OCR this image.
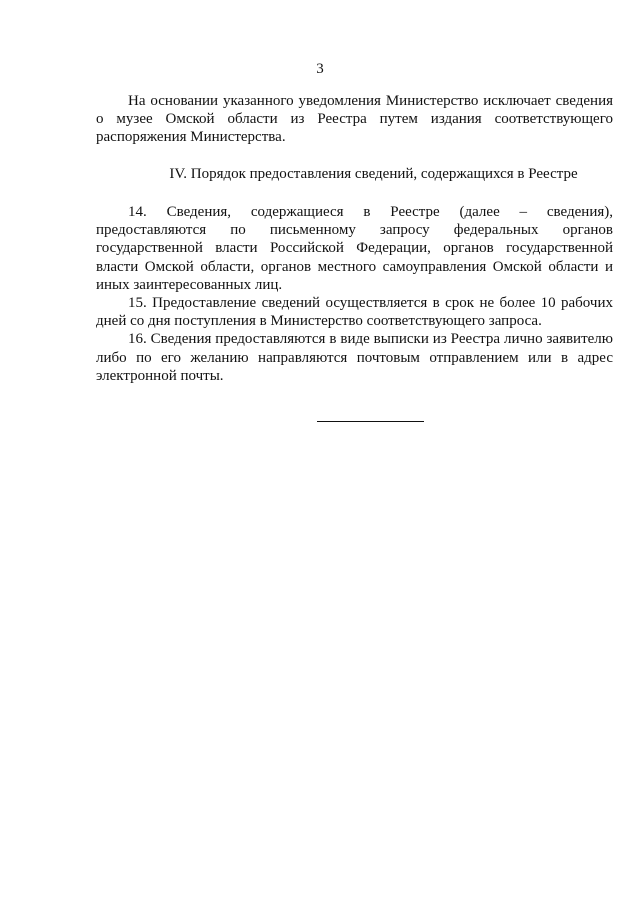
3

На основании указанного уведомления Министерство исключает сведения о музее Омской области из Реестра путем издания соответствующего распоряжения Министерства.

IV. Порядок предоставления сведений, содержащихся в Реестре

14. Сведения, содержащиеся в Реестре (далее – сведения), предоставляются по письменному запросу федеральных органов государственной власти Российской Федерации, органов государственной власти Омской области, органов местного самоуправления Омской области и иных заинтересованных лиц.

15. Предоставление сведений осуществляется в срок не более 10 рабочих дней со дня поступления в Министерство соответствующего запроса.

16. Сведения предоставляются в виде выписки из Реестра лично заявителю либо по его желанию направляются почтовым отправлением или в адрес электронной почты.
